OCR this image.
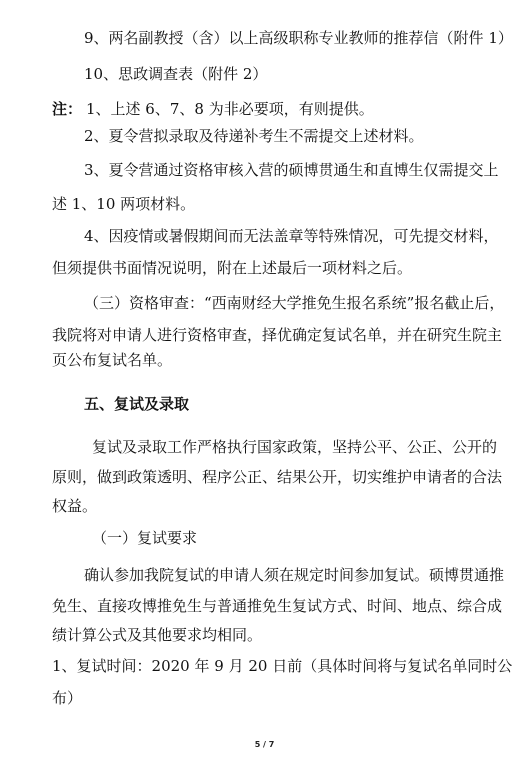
9、两名副教授（含）以上高级职称专业教师的推荐信（附件 1）
10、思政调查表（附件 2）
注： 1、上述 6、7、8 为非必要项，有则提供。
2、夏令营拟录取及待递补考生不需提交上述材料。
3、夏令营通过资格审核入营的硕博贯通生和直博生仅需提交上
述 1、10 两项材料。
4、因疫情或暑假期间而无法盖章等特殊情况，可先提交材料，
但须提供书面情况说明，附在上述最后一项材料之后。
（三）资格审查：“西南财经大学推免生报名系统”报名截止后，
我院将对申请人进行资格审查，择优确定复试名单，并在研究生院主
页公布复试名单。
五、复试及录取
复试及录取工作严格执行国家政策，坚持公平、公正、公开的
原则，做到政策透明、程序公正、结果公开，切实维护申请者的合法
权益。
（一）复试要求
确认参加我院复试的申请人须在规定时间参加复试。硕博贯通推
免生、直接攻博推免生与普通推免生复试方式、时间、地点、综合成
绩计算公式及其他要求均相同。
1、复试时间：2020 年 9 月 20 日前（具体时间将与复试名单同时公
布）
5 / 7
